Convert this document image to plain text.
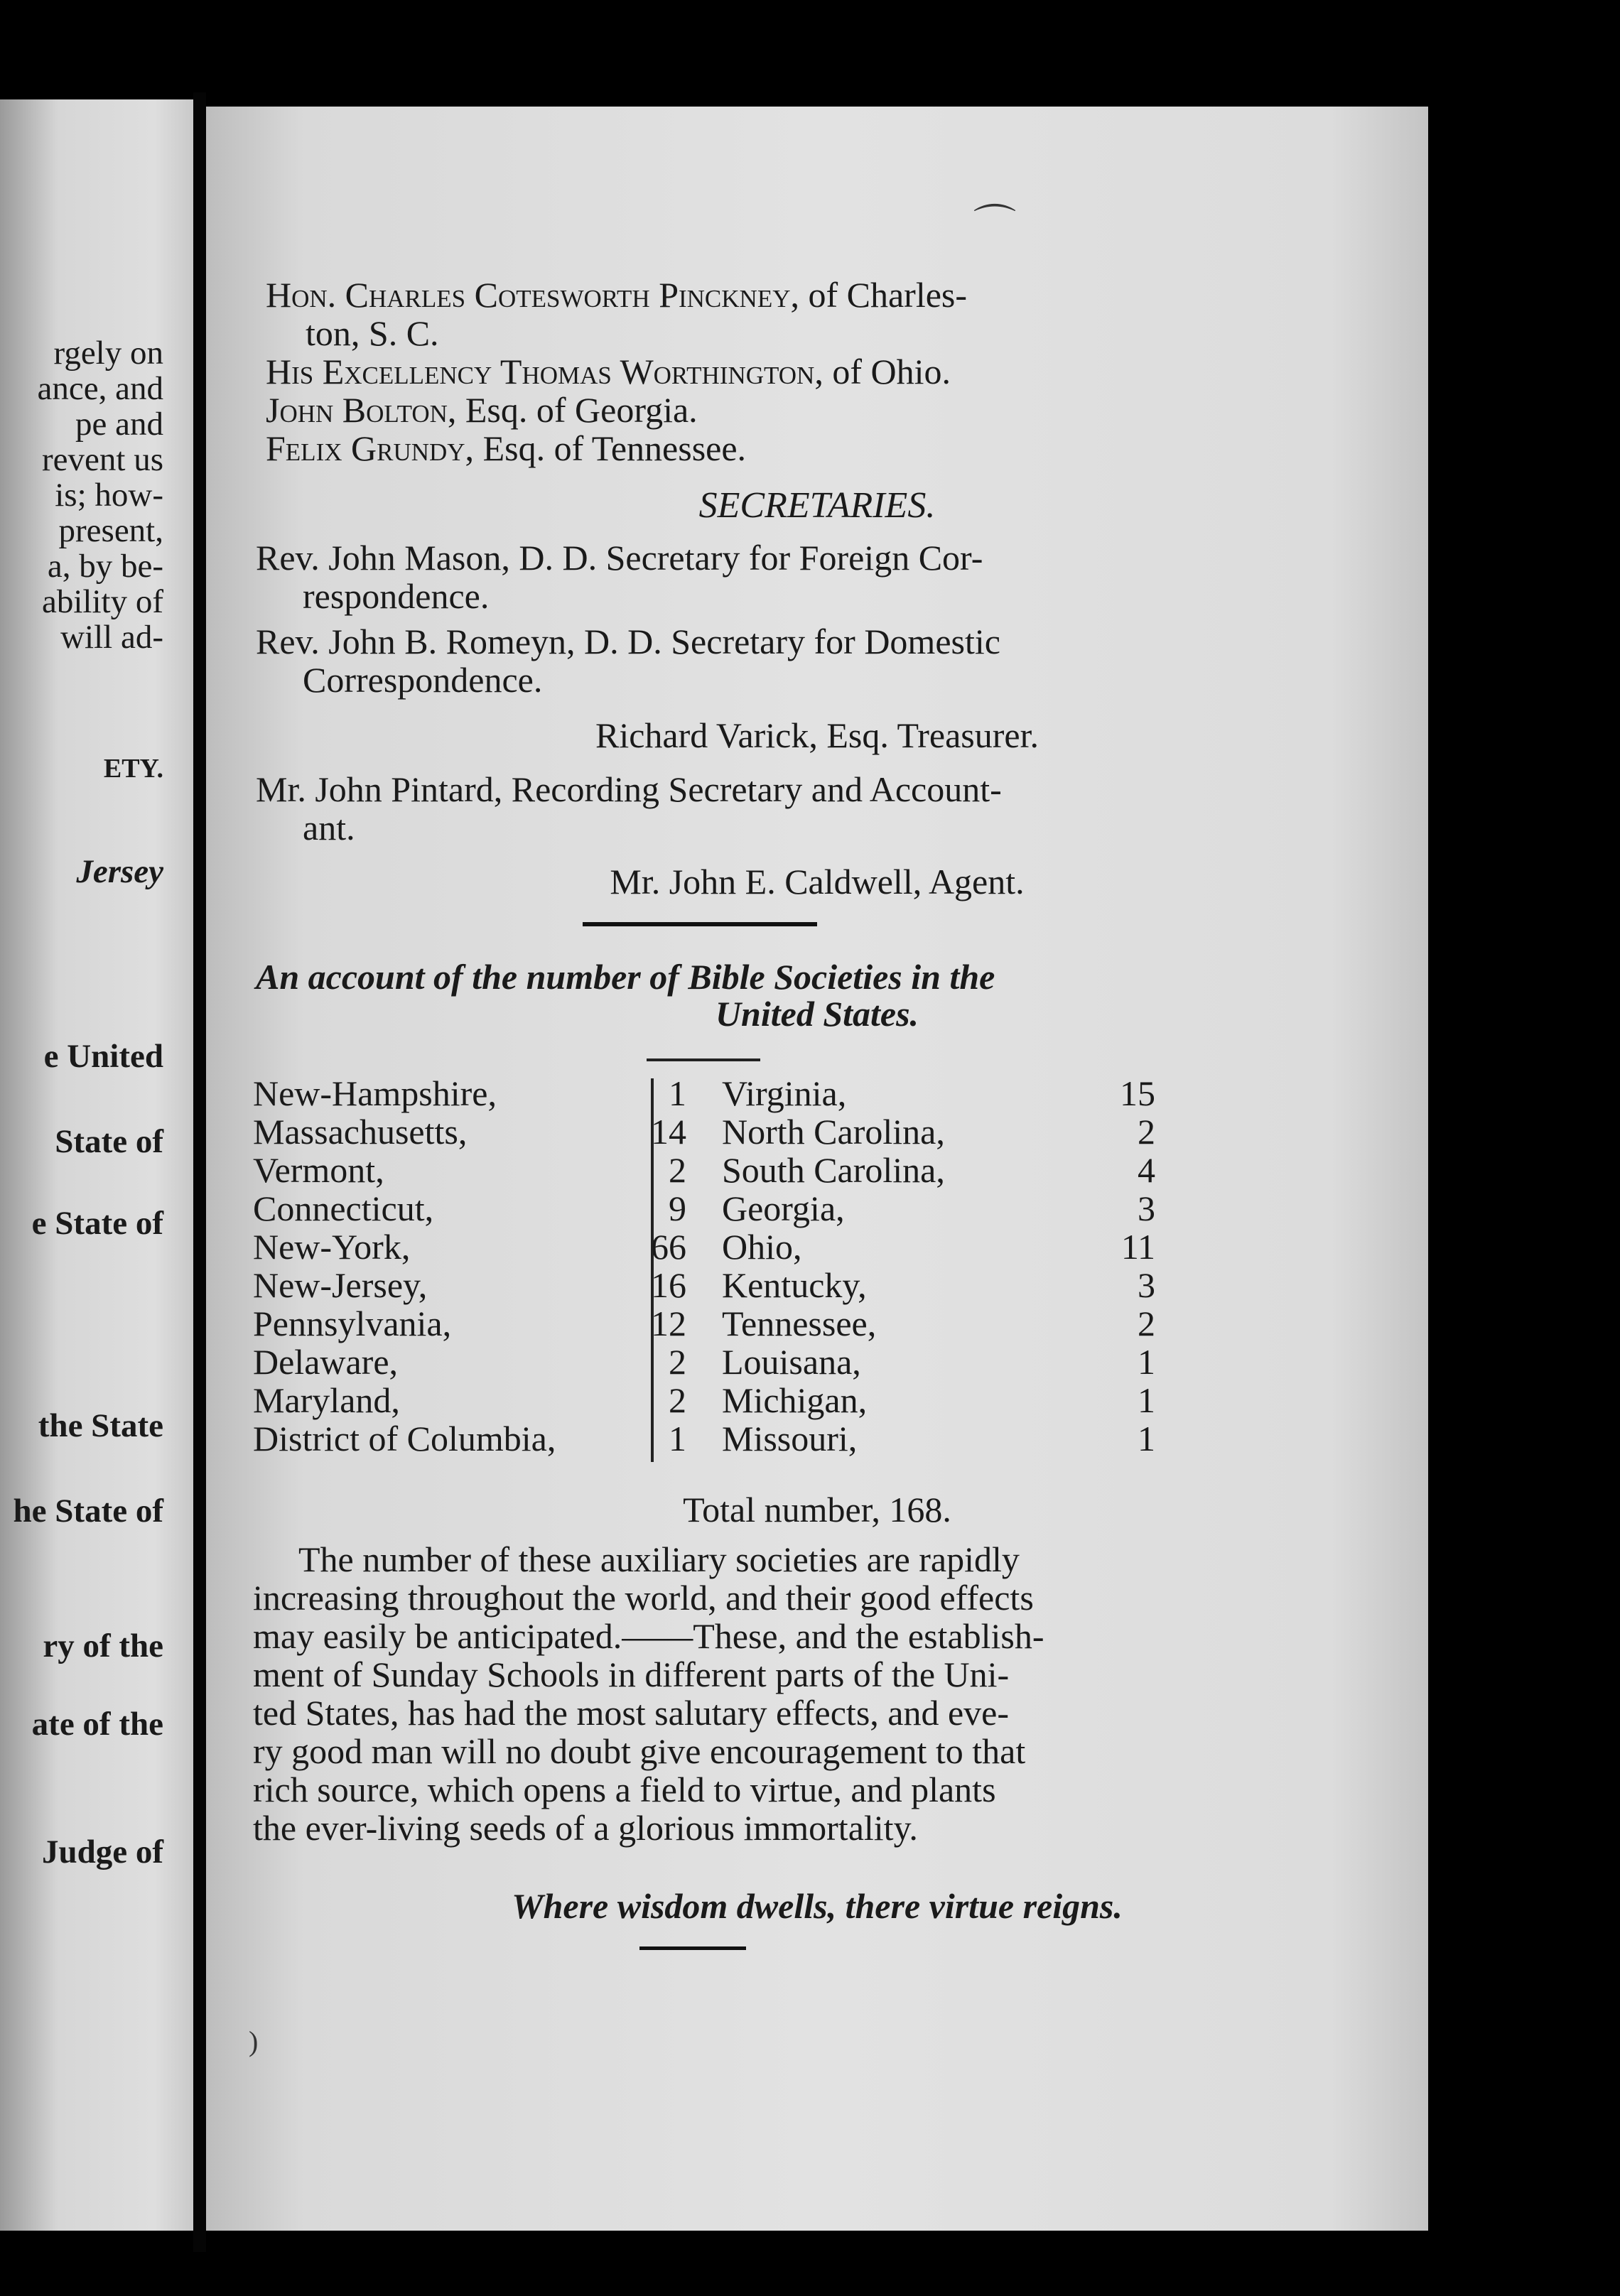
rgely on
ance, and
pe and
revent us
is; how-
present,
a, by be-
ability of
will ad-
ETY.
Jersey
e United
State of
e State of
the State
he State of
ry of the
ate of the
Judge of
⌒
Hon. Charles Cotesworth Pinckney, of Charles-
ton, S. C.
His Excellency Thomas Worthington, of Ohio.
John Bolton, Esq. of Georgia.
Felix Grundy, Esq. of Tennessee.
SECRETARIES.
Rev. John Mason, D. D. Secretary for Foreign Cor-
respondence.
Rev. John B. Romeyn, D. D. Secretary for Domestic
Correspondence.
Richard Varick, Esq. Treasurer.
Mr. John Pintard, Recording Secretary and Account-
ant.
Mr. John E. Caldwell, Agent.
An account of the number of Bible Societies in the
United States.
New-Hampshire,	1 Virginia,	15
Massachusetts,	14 North Carolina,	2
Vermont,	2 South Carolina,	4
Connecticut,	9 Georgia,	3
New-York,	66 Ohio,	11
New-Jersey,	16 Kentucky,	3
Pennsylvania,	12 Tennessee,	2
Delaware,	2 Louisana,	1
Maryland,	2 Michigan,	1
District of Columbia,	1 Missouri,	1
Total number, 168.
The number of these auxiliary societies are rapidly
increasing throughout the world, and their good effects
may easily be anticipated.——These, and the establish-
ment of Sunday Schools in different parts of the Uni-
ted States, has had the most salutary effects, and eve-
ry good man will no doubt give encouragement to that
rich source, which opens a field to virtue, and plants
the ever-living seeds of a glorious immortality.
Where wisdom dwells, there virtue reigns.
)
